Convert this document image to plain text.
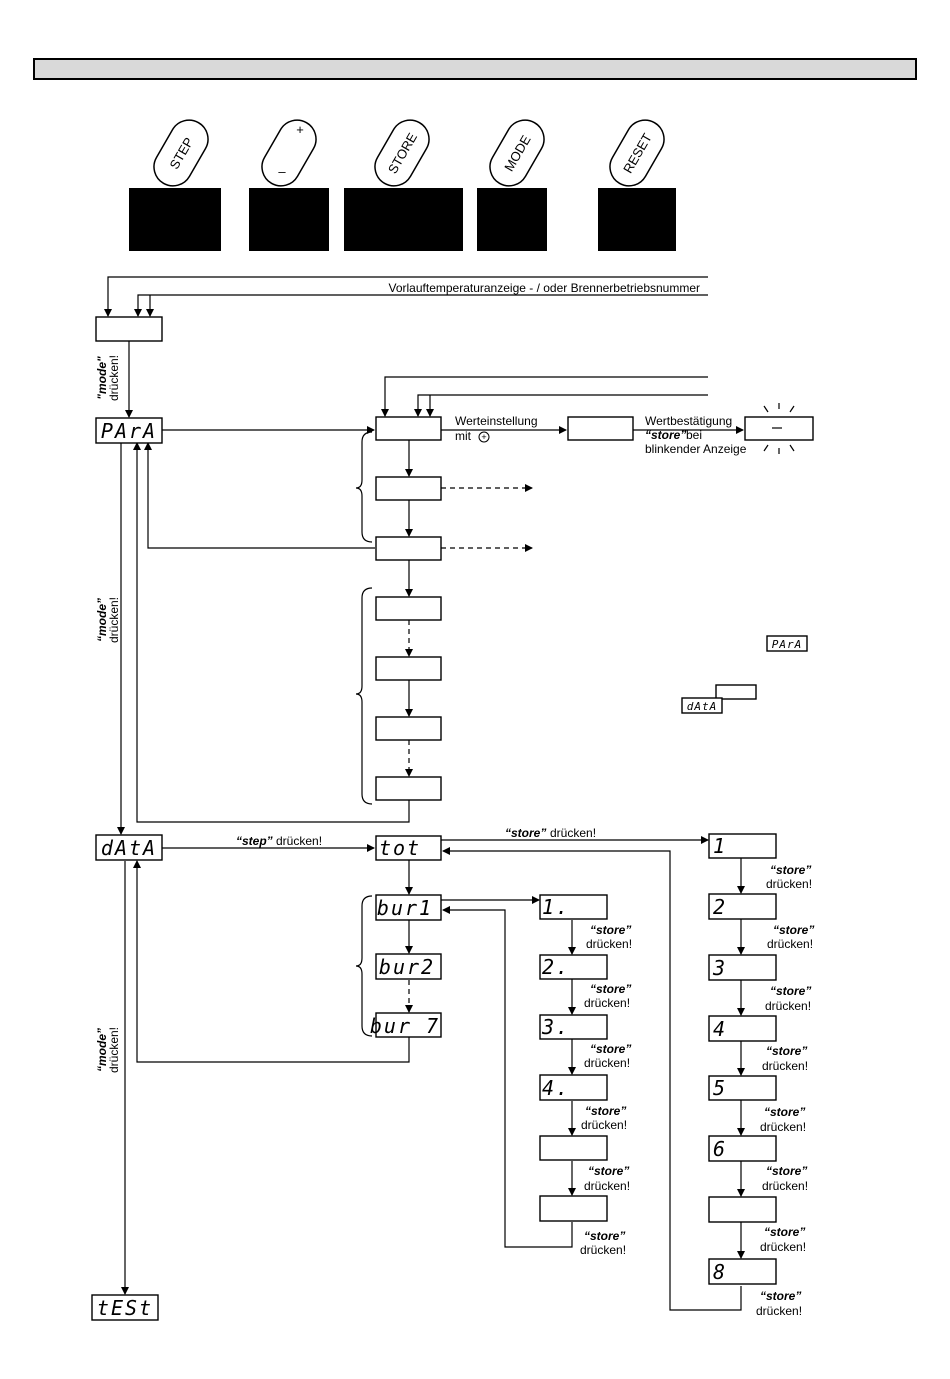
STEP
+
–	STORE	MODE	RESET
PArA
dAtA
tESt
tot
bur1
bur2
bur 7
PArA
dAtA
1.
2.
3.
4.
1
2
3
4
5
6
8
Vorlauftemperaturanzeige - / oder Brennerbetriebsnummer
"mode"
drücken!
“mode”
drücken!
“mode”
drücken!
Werteinstellung
mit +
Wertbestätigung
“store” bei
blinkender Anzeige
“step” drücken!
“store” drücken!
“store”
drücken!
“store”
drücken!
“store”
drücken!
“store”
drücken!
“store”
drücken!
“store”
drücken!
“store”
drücken!
“store”
drücken!
“store”
drücken!
“store”
drücken!
“store”
drücken!
“store”
drücken!
“store”
drücken!
“store”
drücken!
